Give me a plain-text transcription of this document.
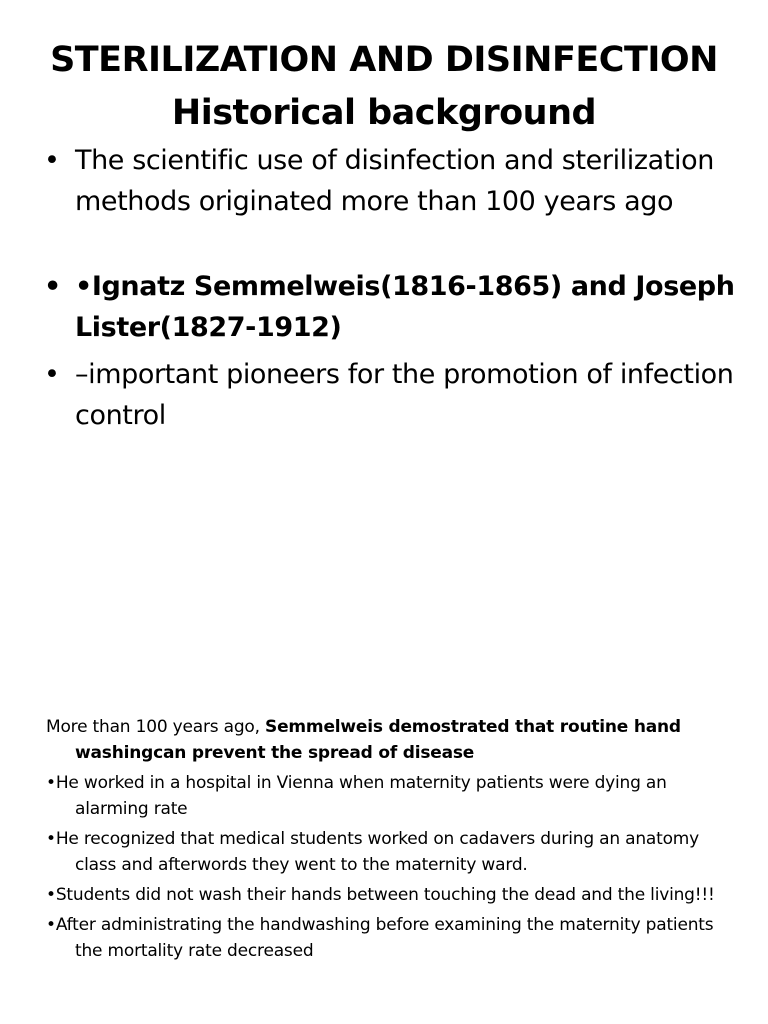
STERILIZATION AND DISINFECTION
Historical background
• The scientific use of disinfection and sterilization methods originated more than 100 years ago
• •Ignatz Semmelweis(1816-1865) and Joseph Lister(1827-1912)
• –important pioneers for the promotion of infection control

More than 100 years ago, Semmelweis demostrated that routine hand washingcan prevent the spread of disease

•He worked in a hospital in Vienna when maternity patients were dying an alarming rate

•He recognized that medical students worked on cadavers during an anatomy class and afterwords they went to the maternity ward.

•Students did not wash their hands between touching the dead and the living!!!

•After administrating the handwashing before examining the maternity patients the mortality rate decreased
